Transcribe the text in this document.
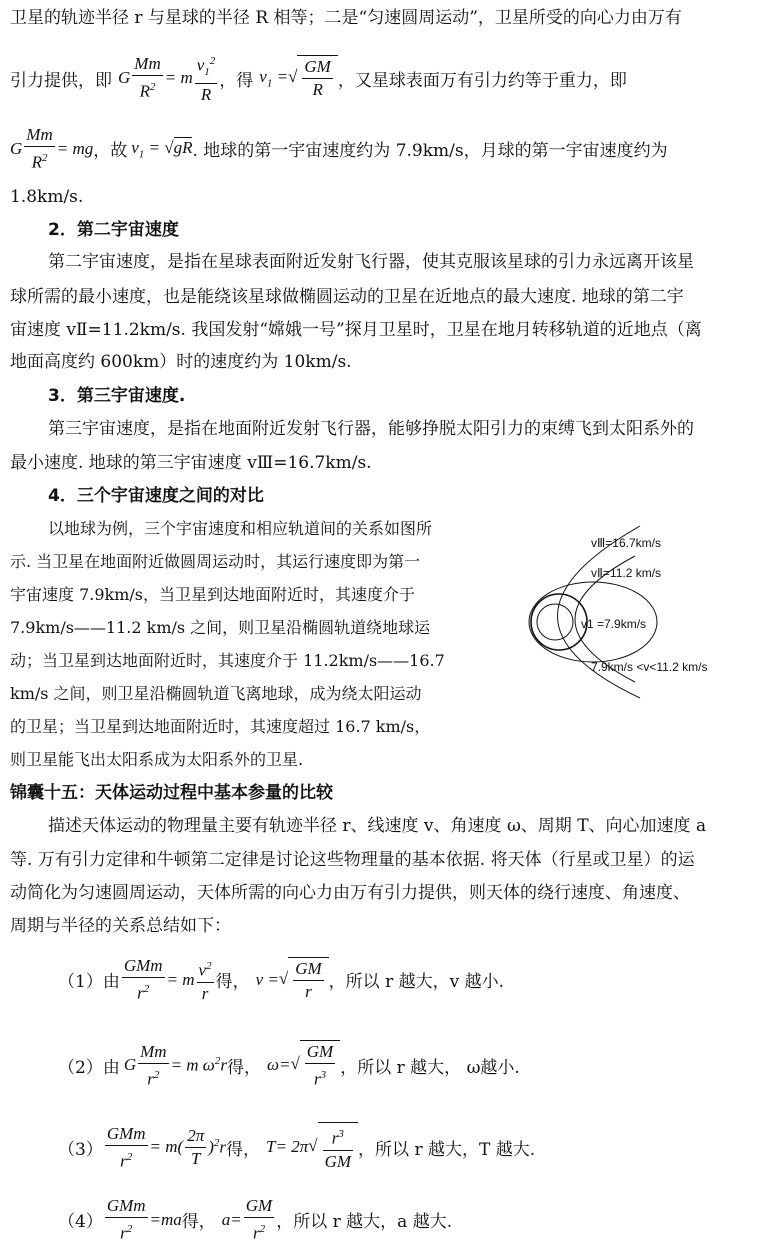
卫星的轨迹半径 r 与星球的半径 R 相等；二是“匀速圆周运动”，卫星所受的向心力由万有
引力提供，即 G $\frac{Mm}{R^2} = m \frac{v_1^2}{R}$ ，得 $v_1$ = √ $\frac{GM}{R}$ ，又星球表面万有引力约等于重力，即
G $\frac{Mm}{R^2}$ = mg ，故 $v_1 = √gR$ . 地球的第一宇宙速度约为 7.9km/s，月球的第一宇宙速度约为
1.8km/s.
2．第二宇宙速度
第二宇宙速度，是指在星球表面附近发射飞行器，使其克服该星球的引力永远离开该星
球所需的最小速度，也是能绕该星球做椭圆运动的卫星在近地点的最大速度. 地球的第二宇
宙速度 vⅡ=11.2km/s. 我国发射“嫦娥一号”探月卫星时，卫星在地月转移轨道的近地点（离
地面高度约 600km）时的速度约为 10km/s.
3．第三宇宙速度.
第三宇宙速度，是指在地面附近发射飞行器，能够挣脱太阳引力的束缚飞到太阳系外的
最小速度. 地球的第三宇宙速度 vⅢ=16.7km/s.
4．三个宇宙速度之间的对比
以地球为例，三个宇宙速度和相应轨道间的关系如图所
示. 当卫星在地面附近做圆周运动时，其运行速度即为第一
宇宙速度 7.9km/s，当卫星到达地面附近时，其速度介于
7.9km/s——11.2 km/s 之间，则卫星沿椭圆轨道绕地球运
动；当卫星到达地面附近时，其速度介于 11.2km/s——16.7
km/s 之间，则卫星沿椭圆轨道飞离地球，成为绕太阳运动
的卫星；当卫星到达地面附近时，其速度超过 16.7 km/s，
则卫星能飞出太阳系成为太阳系外的卫星.
vⅢ=16.7km/s
vⅡ=11.2 km/s
v1 =7.9km/s
7.9km/s <v<11.2 km/s
锦囊十五：天体运动过程中基本参量的比较
描述天体运动的物理量主要有轨迹半径 r、线速度 v、角速度 ω、周期 T、向心加速度 a
等. 万有引力定律和牛顿第二定律是讨论这些物理量的基本依据. 将天体（行星或卫星）的运
动简化为匀速圆周运动，天体所需的向心力由万有引力提供，则天体的绕行速度、角速度、
周期与半径的关系总结如下：
（1）由 $\frac{\text{GMm}}{r^2} = m \frac{v^2}{r}$ 得， v = √ $\frac{GM}{r}$ ，所以 r 越大，v 越小.
（2）由 G $\frac{Mm}{r^2} = m$ $\omega^2r$ 得， ω= √ $\frac{GM}{r^3}$ ，所以 r 越大， ω越小.
$(3) \frac{\text{GMm}}{r^2} = m( \frac{2\pi}{T} )^2r$ 得， T= 2π √ $\frac{r^3}{GM}$ ，所以 r 越大，T 越大.
$(4) \frac{\text{GMm}}{r^2} =ma$ 得， $a= \frac{GM}{r^2}$ ，所以 r 越大，a 越大.
